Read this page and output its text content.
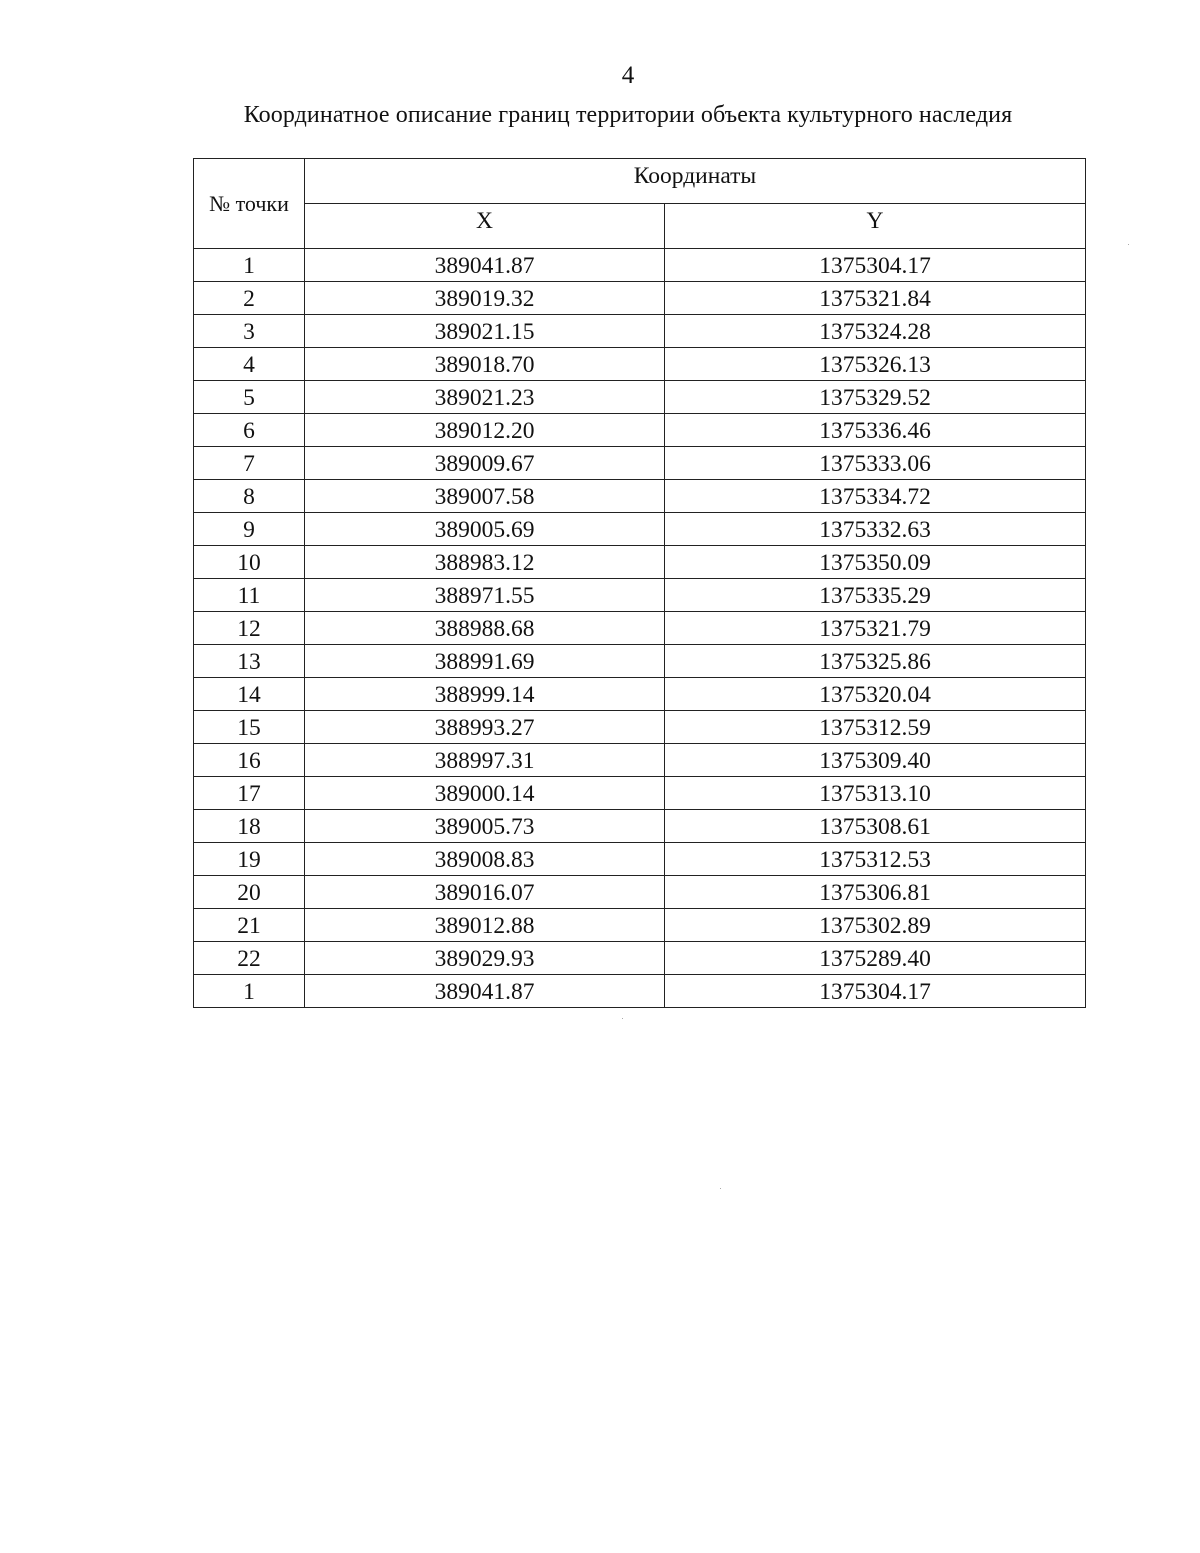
4
Координатное описание границ территории объекта культурного наследия
№ точки	Координаты	
	X	Y
1	389041.87	1375304.17
2	389019.32	1375321.84
3	389021.15	1375324.28
4	389018.70	1375326.13
5	389021.23	1375329.52
6	389012.20	1375336.46
7	389009.67	1375333.06
8	389007.58	1375334.72
9	389005.69	1375332.63
10	388983.12	1375350.09
11	388971.55	1375335.29
12	388988.68	1375321.79
13	388991.69	1375325.86
14	388999.14	1375320.04
15	388993.27	1375312.59
16	388997.31	1375309.40
17	389000.14	1375313.10
18	389005.73	1375308.61
19	389008.83	1375312.53
20	389016.07	1375306.81
21	389012.88	1375302.89
22	389029.93	1375289.40
1	389041.87	1375304.17
